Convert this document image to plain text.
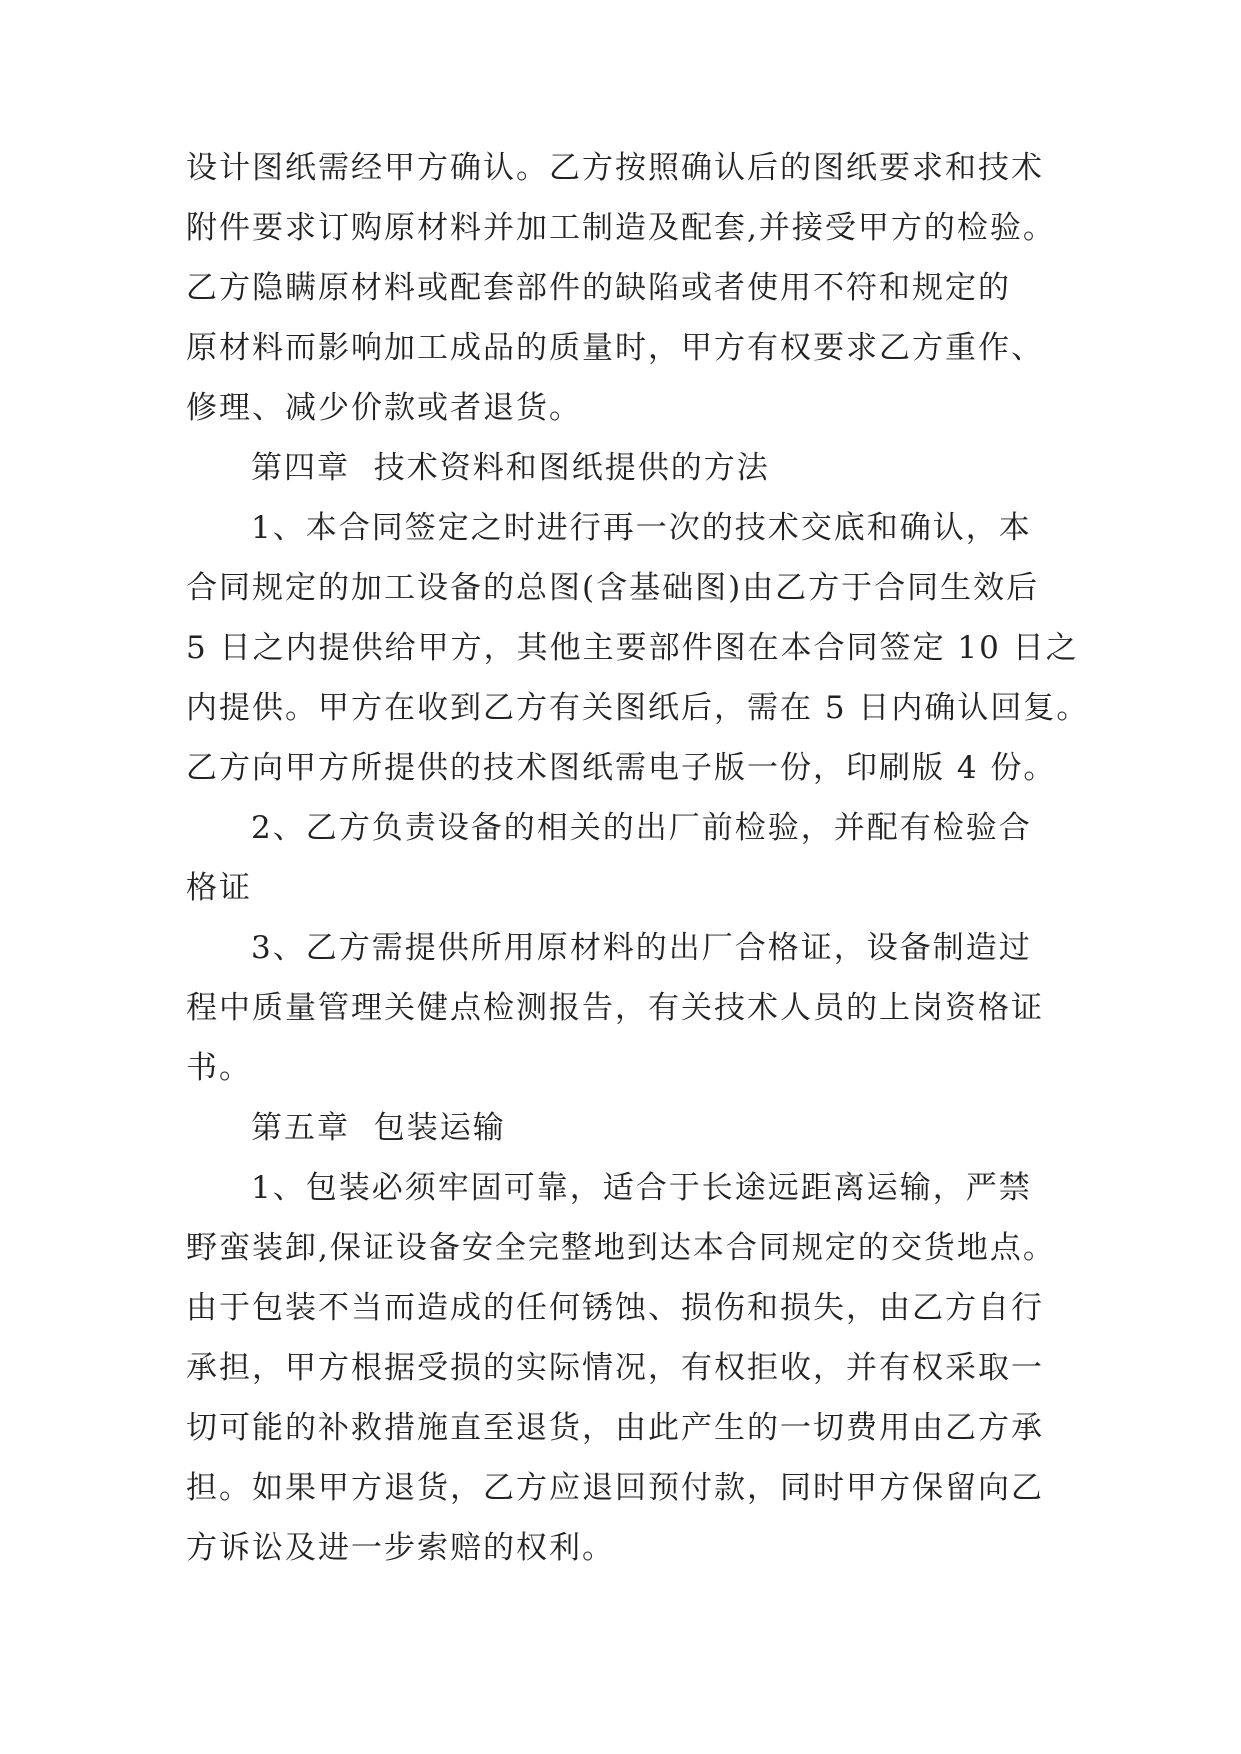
设计图纸需经甲方确认。乙方按照确认后的图纸要求和技术
附件要求订购原材料并加工制造及配套,并接受甲方的检验。
乙方隐瞒原材料或配套部件的缺陷或者使用不符和规定的
原材料而影响加工成品的质量时，甲方有权要求乙方重作、
修理、减少价款或者退货。
第四章  技术资料和图纸提供的方法
1、本合同签定之时进行再一次的技术交底和确认，本
合同规定的加工设备的总图(含基础图)由乙方于合同生效后
5 日之内提供给甲方，其他主要部件图在本合同签定 10 日之
内提供。甲方在收到乙方有关图纸后，需在 5 日内确认回复。
乙方向甲方所提供的技术图纸需电子版一份，印刷版 4 份。
2、乙方负责设备的相关的出厂前检验，并配有检验合
格证
3、乙方需提供所用原材料的出厂合格证，设备制造过
程中质量管理关健点检测报告，有关技术人员的上岗资格证
书。
第五章  包装运输
1、包装必须牢固可靠，适合于长途远距离运输，严禁
野蛮装卸,保证设备安全完整地到达本合同规定的交货地点。
由于包装不当而造成的任何锈蚀、损伤和损失，由乙方自行
承担，甲方根据受损的实际情况，有权拒收，并有权采取一
切可能的补救措施直至退货，由此产生的一切费用由乙方承
担。如果甲方退货，乙方应退回预付款，同时甲方保留向乙
方诉讼及进一步索赔的权利。
